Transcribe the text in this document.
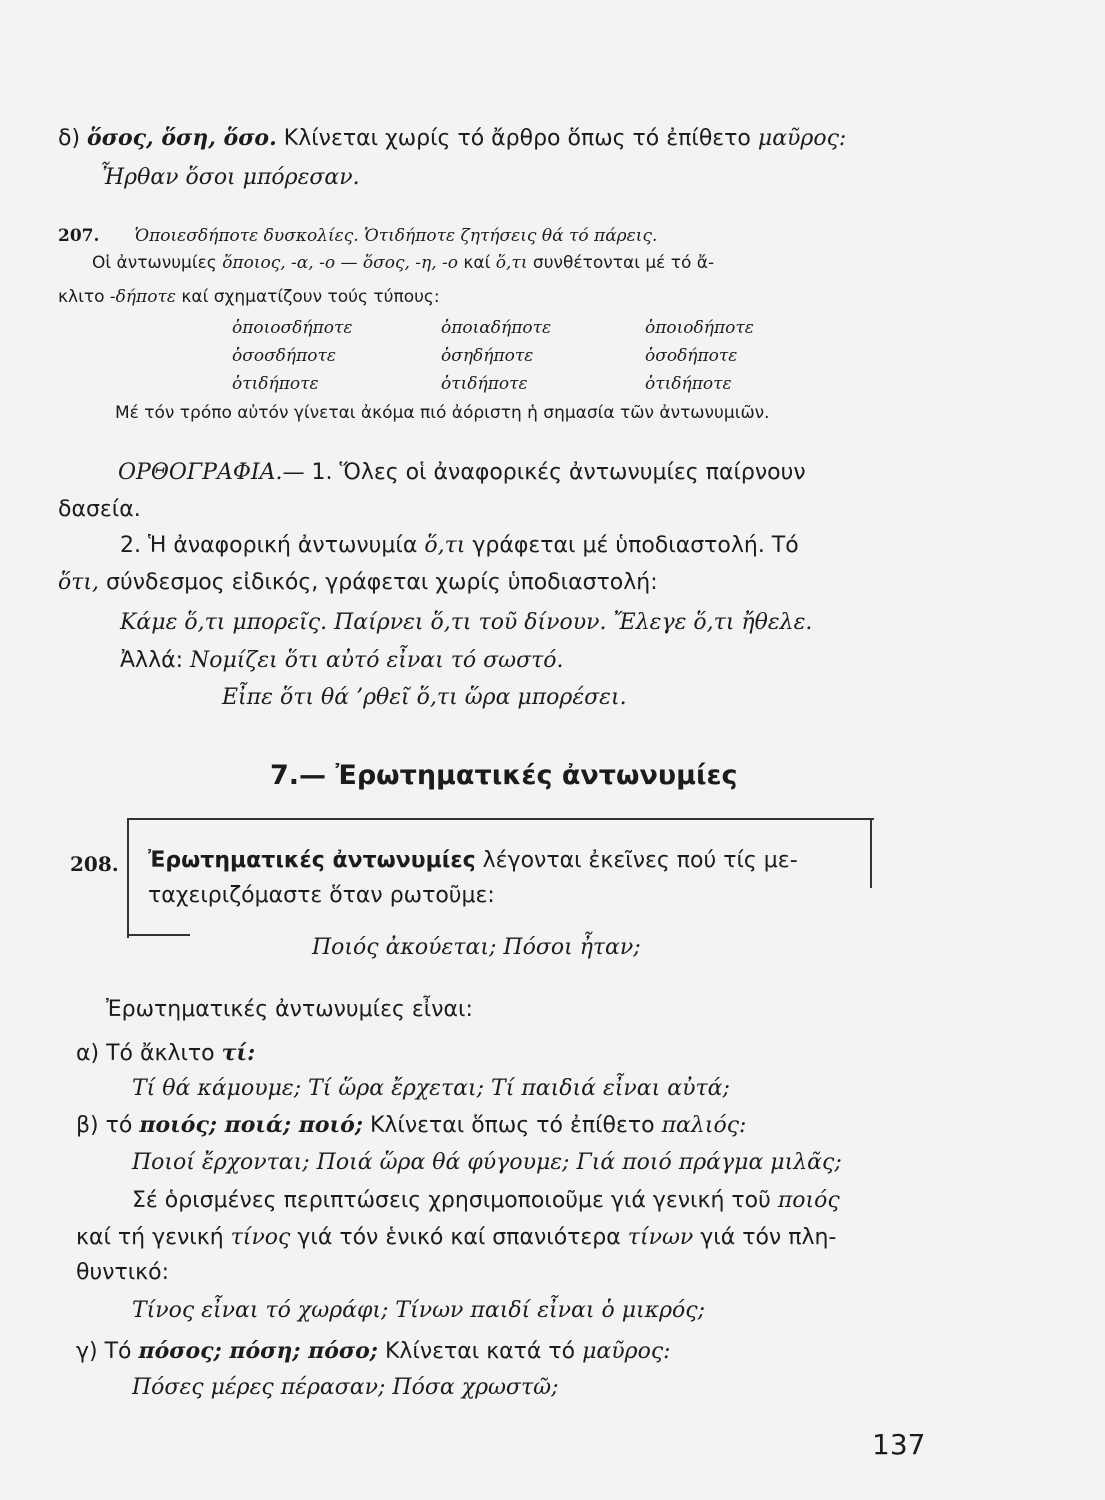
δ) ὅσος, ὅση, ὅσο. Κλίνεται χωρίς τό ἄρθρο ὅπως τό ἐπίθετο μαῦρος:
Ἦρθαν ὅσοι μπόρεσαν.
207. Ὁποιεσδήποτε δυσκολίες. Ὁτιδήποτε ζητήσεις θά τό πάρεις.
Οἱ ἀντωνυμίες ὅποιος, -α, -ο — ὅσος, -η, -ο καί ὅ,τι συνθέτονται μέ τό ἄ-
κλιτο -δήποτε καί σχηματίζουν τούς τύπους:
ὁποιοσδήποτε	ὁποιαδήποτε	ὁποιοδήποτε
ὁσοσδήποτε	ὁσηδήποτε	ὁσοδήποτε
ὁτιδήποτε	ὁτιδήποτε	ὁτιδήποτε
Μέ τόν τρόπο αὐτόν γίνεται ἀκόμα πιό ἀόριστη ἡ σημασία τῶν ἀντωνυμιῶν.
ΟΡΘΟΓΡΑΦΙΑ.— 1. Ὅλες οἱ ἀναφορικές ἀντωνυμίες παίρνουν
δασεία.
2. Ἡ ἀναφορική ἀντωνυμία ὅ,τι γράφεται μέ ὑποδιαστολή. Τό
ὅτι, σύνδεσμος εἰδικός, γράφεται χωρίς ὑποδιαστολή:
Κάμε ὅ,τι μπορεῖς. Παίρνει ὅ,τι τοῦ δίνουν. Ἔλεγε ὅ,τι ἤθελε.
Ἀλλά: Νομίζει ὅτι αὐτό εἶναι τό σωστό.
Εἶπε ὅτι θά ’ρθεῖ ὅ,τι ὥρα μπορέσει.
7.— Ἐρωτηματικές ἀντωνυμίες
208. Ἐρωτηματικές ἀντωνυμίες λέγονται ἐκεῖνες πού τίς με-
ταχειριζόμαστε ὅταν ρωτοῦμε:
Ποιός ἀκούεται; Πόσοι ἦταν;
Ἐρωτηματικές ἀντωνυμίες εἶναι:
α) Τό ἄκλιτο τί:
Τί θά κάμουμε; Τί ὥρα ἔρχεται; Τί παιδιά εἶναι αὐτά;
β) τό ποιός; ποιά; ποιό; Κλίνεται ὅπως τό ἐπίθετο παλιός:
Ποιοί ἔρχονται; Ποιά ὥρα θά φύγουμε; Γιά ποιό πράγμα μιλᾶς;
Σέ ὁρισμένες περιπτώσεις χρησιμοποιοῦμε γιά γενική τοῦ ποιός
καί τή γενική τίνος γιά τόν ἑνικό καί σπανιότερα τίνων γιά τόν πλη-
θυντικό:
Τίνος εἶναι τό χωράφι; Τίνων παιδί εἶναι ὁ μικρός;
γ) Τό πόσος; πόση; πόσο; Κλίνεται κατά τό μαῦρος:
Πόσες μέρες πέρασαν; Πόσα χρωστῶ;
137
